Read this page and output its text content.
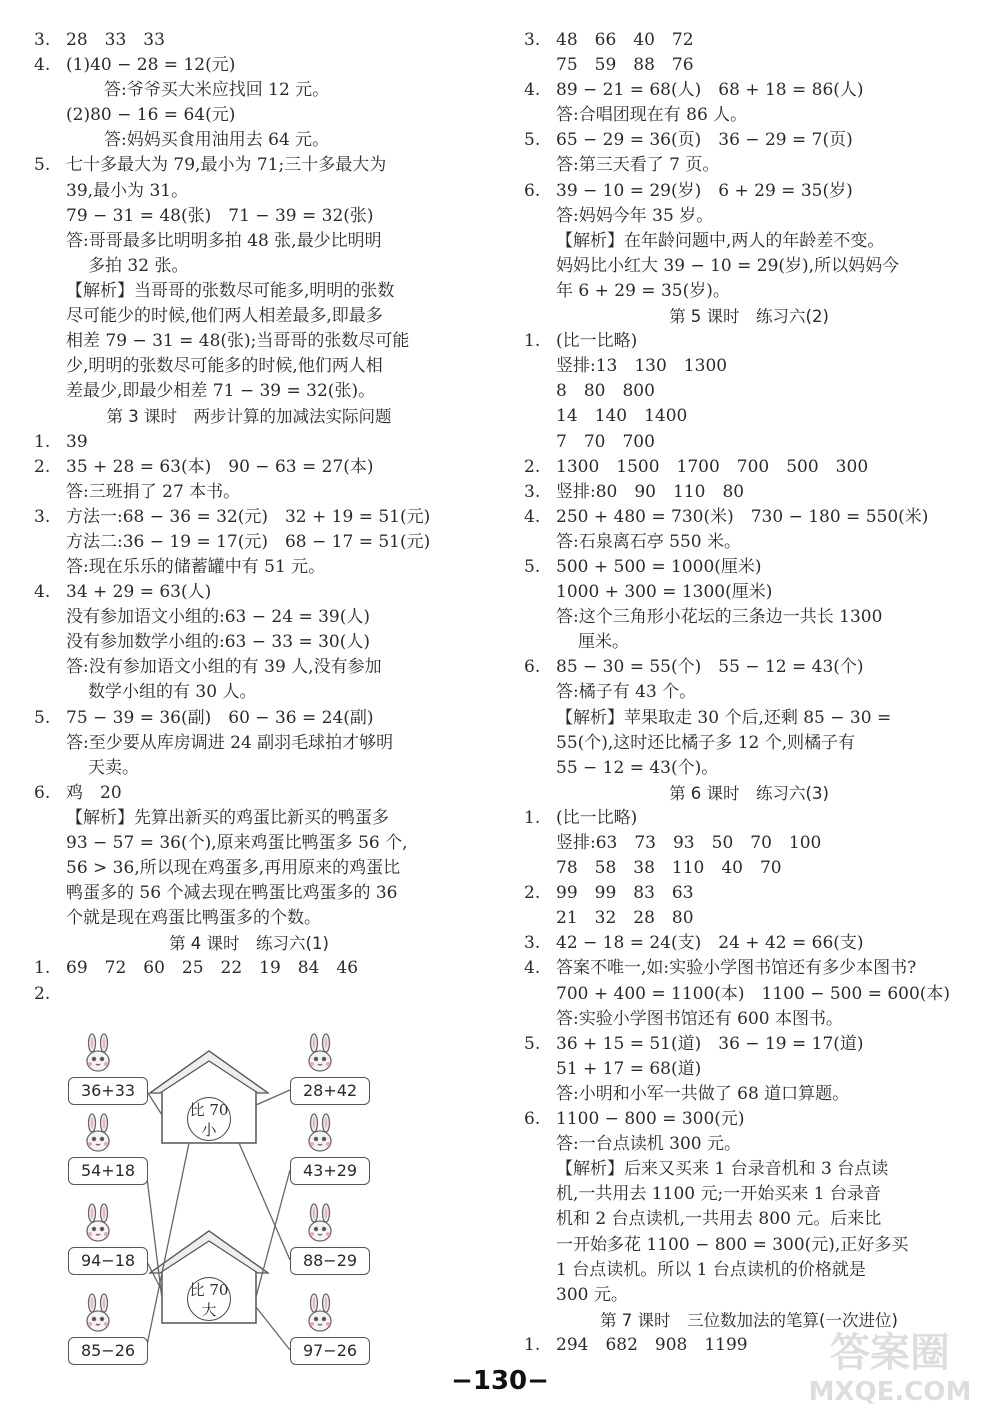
3. 28　33　33
4. (1)40 − 28 = 12(元)
答:爷爷买大米应找回 12 元。
(2)80 − 16 = 64(元)
答:妈妈买食用油用去 64 元。
5. 七十多最大为 79,最小为 71;三十多最大为
39,最小为 31。
79 − 31 = 48(张)　71 − 39 = 32(张)
答:哥哥最多比明明多拍 48 张,最少比明明
多拍 32 张。
【解析】当哥哥的张数尽可能多,明明的张数
尽可能少的时候,他们两人相差最多,即最多
相差 79 − 31 = 48(张);当哥哥的张数尽可能
少,明明的张数尽可能多的时候,他们两人相
差最少,即最少相差 71 − 39 = 32(张)。
第 3 课时　两步计算的加减法实际问题
1. 39
2. 35 + 28 = 63(本)　90 − 63 = 27(本)
答:三班捐了 27 本书。
3. 方法一:68 − 36 = 32(元)　32 + 19 = 51(元)
方法二:36 − 19 = 17(元)　68 − 17 = 51(元)
答:现在乐乐的储蓄罐中有 51 元。
4. 34 + 29 = 63(人)
没有参加语文小组的:63 − 24 = 39(人)
没有参加数学小组的:63 − 33 = 30(人)
答:没有参加语文小组的有 39 人,没有参加
数学小组的有 30 人。
5. 75 − 39 = 36(副)　60 − 36 = 24(副)
答:至少要从库房调进 24 副羽毛球拍才够明
天卖。
6. 鸡　20
【解析】先算出新买的鸡蛋比新买的鸭蛋多
93 − 57 = 36(个),原来鸡蛋比鸭蛋多 56 个,
56 > 36,所以现在鸡蛋多,再用原来的鸡蛋比
鸭蛋多的 56 个减去现在鸭蛋比鸡蛋多的 36
个就是现在鸡蛋比鸭蛋多的个数。
第 4 课时　练习六(1)
1. 69　72　60　25　22　19　84　46
2.
比 70
小
比 70
大
36+33
54+18
94−18
85−26
28+42
43+29
88−29
97−26
3. 48　66　40　72
75　59　88　76
4. 89 − 21 = 68(人)　68 + 18 = 86(人)
答:合唱团现在有 86 人。
5. 65 − 29 = 36(页)　36 − 29 = 7(页)
答:第三天看了 7 页。
6. 39 − 10 = 29(岁)　6 + 29 = 35(岁)
答:妈妈今年 35 岁。
【解析】在年龄问题中,两人的年龄差不变。
妈妈比小红大 39 − 10 = 29(岁),所以妈妈今
年 6 + 29 = 35(岁)。
第 5 课时　练习六(2)
1. (比一比略)
竖排:13　130　1300
8　80　800
14　140　1400
7　70　700
2. 1300　1500　1700　700　500　300
3. 竖排:80　90　110　80
4. 250 + 480 = 730(米)　730 − 180 = 550(米)
答:石泉离石亭 550 米。
5. 500 + 500 = 1000(厘米)
1000 + 300 = 1300(厘米)
答:这个三角形小花坛的三条边一共长 1300
厘米。
6. 85 − 30 = 55(个)　55 − 12 = 43(个)
答:橘子有 43 个。
【解析】苹果取走 30 个后,还剩 85 − 30 =
55(个),这时还比橘子多 12 个,则橘子有
55 − 12 = 43(个)。
第 6 课时　练习六(3)
1. (比一比略)
竖排:63　73　93　50　70　100
78　58　38　110　40　70
2. 99　99　83　63
21　32　28　80
3. 42 − 18 = 24(支)　24 + 42 = 66(支)
4. 答案不唯一,如:实验小学图书馆还有多少本图书?
700 + 400 = 1100(本)　1100 − 500 = 600(本)
答:实验小学图书馆还有 600 本图书。
5. 36 + 15 = 51(道)　36 − 19 = 17(道)
51 + 17 = 68(道)
答:小明和小军一共做了 68 道口算题。
6. 1100 − 800 = 300(元)
答:一台点读机 300 元。
【解析】后来又买来 1 台录音机和 3 台点读
机,一共用去 1100 元;一开始买来 1 台录音
机和 2 台点读机,一共用去 800 元。后来比
一开始多花 1100 − 800 = 300(元),正好多买
1 台点读机。所以 1 台点读机的价格就是
300 元。
第 7 课时　三位数加法的笔算(一次进位)
1. 294　682　908　1199
−130−
答案圈
MXQE.COM
